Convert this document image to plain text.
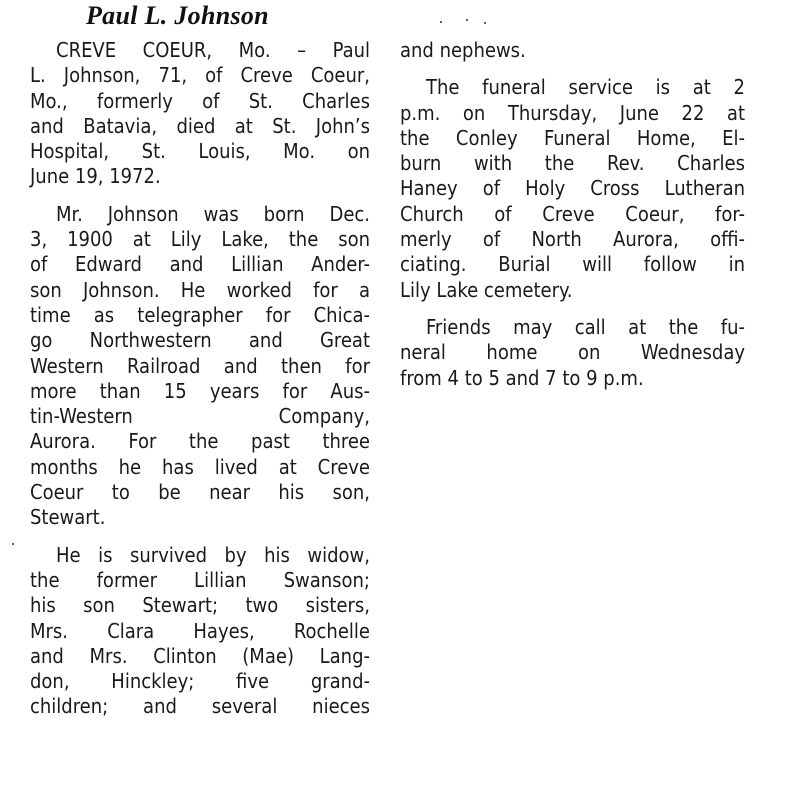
Paul L. Johnson
CREVE COEUR, Mo. – Paul
L. Johnson, 71, of Creve Coeur,
Mo., formerly of St. Charles
and Batavia, died at St. John’s
Hospital, St. Louis, Mo. on
June 19, 1972.
Mr. Johnson was born Dec.
3, 1900 at Lily Lake, the son
of Edward and Lillian Ander-
son Johnson. He worked for a
time as telegrapher for Chica-
go Northwestern and Great
Western Railroad and then for
more than 15 years for Aus-
tin-Western Company,
Aurora. For the past three
months he has lived at Creve
Coeur to be near his son,
Stewart.
He is survived by his widow,
the former Lillian Swanson;
his son Stewart; two sisters,
Mrs. Clara Hayes, Rochelle
and Mrs. Clinton (Mae) Lang-
don, Hinckley; five grand-
children; and several nieces
and nephews.
The funeral service is at 2
p.m. on Thursday, June 22 at
the Conley Funeral Home, El-
burn with the Rev. Charles
Haney of Holy Cross Lutheran
Church of Creve Coeur, for-
merly of North Aurora, offi-
ciating. Burial will follow in
Lily Lake cemetery.
Friends may call at the fu-
neral home on Wednesday
from 4 to 5 and 7 to 9 p.m.
